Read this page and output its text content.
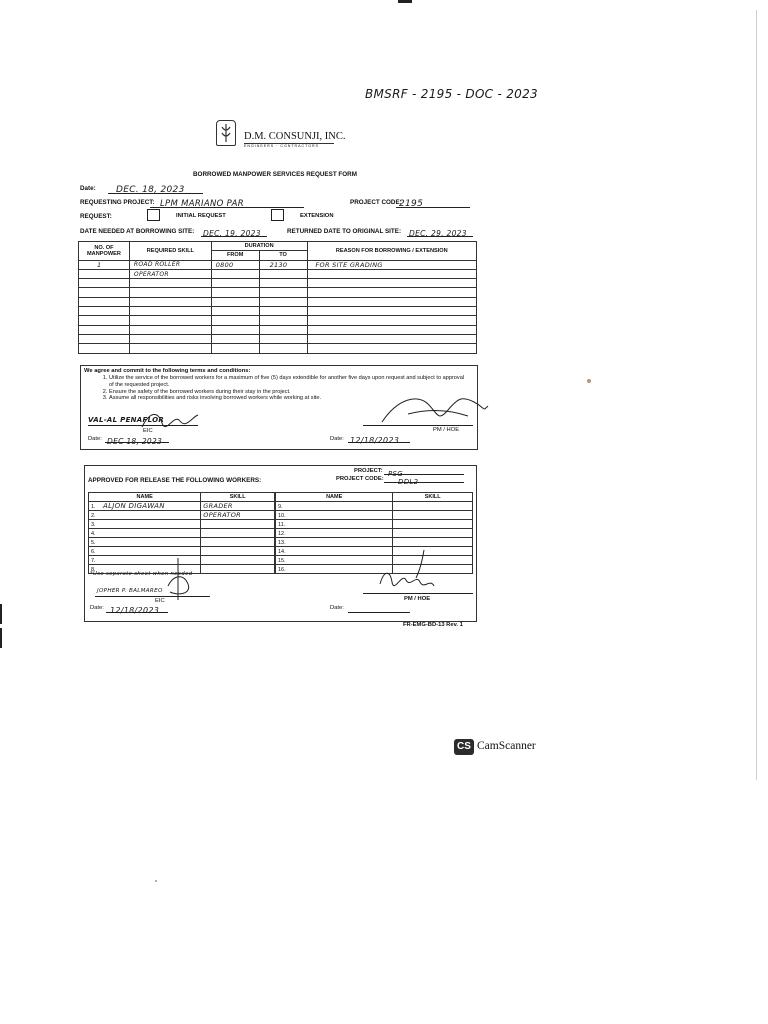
BMSRF - 2195 - DOC - 2023
D.M. CONSUNJI, INC.
ENGINEERS · CONTRACTORS
BORROWED MANPOWER SERVICES REQUEST FORM
Date:	$^{DEC. 18, 2023}$
REQUESTING PROJECT: $^{LPM MARIANO PAR}$	PROJECT CODE:
$^{2195}$
REQUEST:	INITIAL REQUEST	EXTENSION
DATE NEEDED AT BORROWING SITE: $^{DEC. 19, 2023}$	RETURNED DATE TO ORIGINAL SITE: $^{DEC. 29, 2023}$
NO. OF MANPOWER	REQUIRED SKILL	DURATION		REASON FOR BORROWING / EXTENSION
		FROM	TO	
1	ROAD ROLLER	0800	2130	FOR SITE GRADING
	OPERATOR			

We agree and commit to the following terms and conditions:
1. Utilize the service of the borrowed workers for a maximum of five (5) days extendible for another five days upon request and subject to approval of the requested project.
2. Ensure the safety of the borrowed workers during their stay in the project.
3. Assume all responsibilities and risks involving borrowed workers while working at site.
VAL-AL PENAFLOR
EIC
Date: DEC 18, 2023
PM / HOE
Date: $^{12/18/2023}$
PROJECT: $^{PSG}$
PROJECT CODE:	$^{DDL2}$
APPROVED FOR RELEASE THE FOLLOWING WORKERS:
NAME	SKILL
1. ALJON DIGAWAN	GRADER
2.	OPERATOR
3.	
4.	
5.	
6.	
7.	
8.	
NAME	SKILL
9.	
10.	
11.	
12.	
13.	
14.	
15.	
16.	
*Use separate sheet when needed
JOPHER P. BALMAREO
EIC
Date: $^{12/18/2023}$
PM / HOE
Date:
FR-EMG-BD-13 Rev. 1
CS CamScanner
